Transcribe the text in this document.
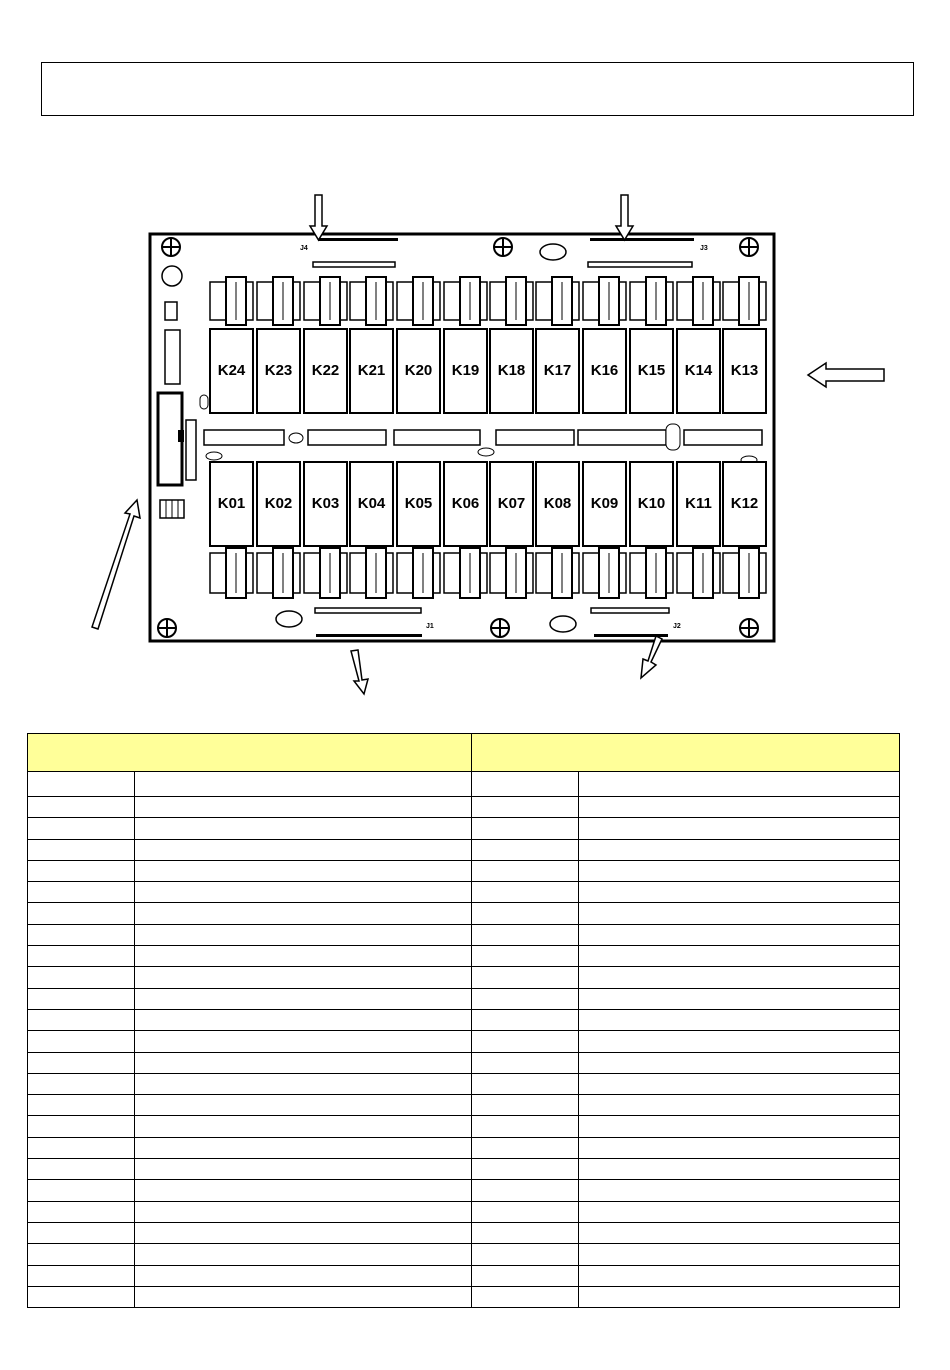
J4	J3
J1	J2
K24 K23 K22 K21 K20 K19 K18 K17 K16 K15 K14 K13
K01 K02 K03 K04 K05 K06 K07 K08 K09 K10 K11 K12
